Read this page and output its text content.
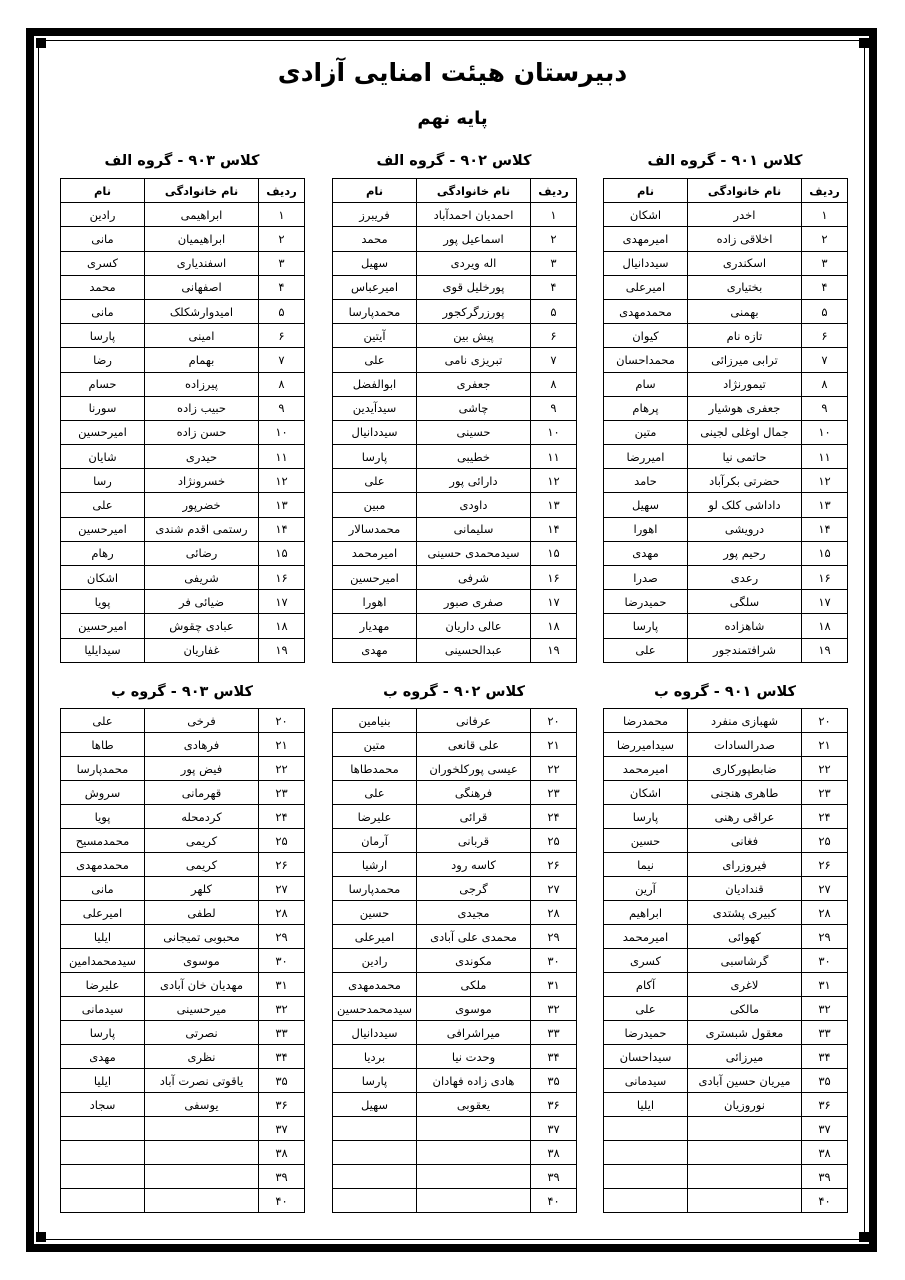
دبیرستان هیئت امنایی آزادی
پایه نهم
کلاس ۹۰۱ - گروه الف
ردیف	نام خانوادگی	نام
۱	اخدر	اشکان
۲	اخلاقی زاده	امیرمهدی
۳	اسکندری	سیددانیال
۴	بختیاری	امیرعلی
۵	بهمنی	محمدمهدی
۶	تازه نام	کیوان
۷	ترابی میرزائی	محمداحسان
۸	تیمورنژاد	سام
۹	جعفری هوشیار	پرهام
۱۰	جمال اوغلی لجینی	متین
۱۱	حاتمی نیا	امیررضا
۱۲	حضرتی بکرآباد	حامد
۱۳	داداشی کلک لو	سهیل
۱۴	درویشی	اهورا
۱۵	رحیم پور	مهدی
۱۶	رعدی	صدرا
۱۷	سلگی	حمیدرضا
۱۸	شاهزاده	پارسا
۱۹	شرافتمندجور	علی
کلاس ۹۰۲ - گروه الف
ردیف	نام خانوادگی	نام
۱	احمدیان احمدآباد	فریبرز
۲	اسماعیل پور	محمد
۳	اله ویردی	سهیل
۴	پورخلیل قوی	امیرعباس
۵	پورزرگرکجور	محمدپارسا
۶	پیش بین	آیتین
۷	تبریزی نامی	علی
۸	جعفری	ابوالفضل
۹	چاشی	سیدآیدین
۱۰	حسینی	سیددانیال
۱۱	خطیبی	پارسا
۱۲	دارائی پور	علی
۱۳	داودی	مبین
۱۴	سلیمانی	محمدسالار
۱۵	سیدمحمدی حسینی	امیرمحمد
۱۶	شرفی	امیرحسین
۱۷	صفری صبور	اهورا
۱۸	عالی داریان	مهدیار
۱۹	عبدالحسینی	مهدی
کلاس ۹۰۳ - گروه الف
ردیف	نام خانوادگی	نام
۱	ابراهیمی	رادین
۲	ابراهیمیان	مانی
۳	اسفندیاری	کسری
۴	اصفهانی	محمد
۵	امیدوارشکلک	مانی
۶	امینی	پارسا
۷	بهمام	رضا
۸	پیرزاده	حسام
۹	حبیب زاده	سورنا
۱۰	حسن زاده	امیرحسین
۱۱	حیدری	شایان
۱۲	خسرونژاد	رسا
۱۳	خضرپور	علی
۱۴	رستمی اقدم شندی	امیرحسین
۱۵	رضائی	رهام
۱۶	شریفی	اشکان
۱۷	ضیائی فر	پویا
۱۸	عبادی چقوش	امیرحسین
۱۹	غفاریان	سیدایلیا
کلاس ۹۰۱ - گروه ب
۲۰	شهبازی منفرد	محمدرضا
۲۱	صدرالسادات	سیدامیررضا
۲۲	ضابطپورکاری	امیرمحمد
۲۳	طاهری هنجنی	اشکان
۲۴	عراقی رهنی	پارسا
۲۵	فغانی	حسین
۲۶	فیروزرای	نیما
۲۷	قندادیان	آرین
۲۸	کبیری پشتدی	ابراهیم
۲۹	کهوائی	امیرمحمد
۳۰	گرشاسبی	کسری
۳۱	لاغری	آکام
۳۲	مالکی	علی
۳۳	معقول شبستری	حمیدرضا
۳۴	میرزائی	سیداحسان
۳۵	میریان حسین آبادی	سیدمانی
۳۶	نوروزیان	ایلیا
۳۷		
۳۸		
۳۹		
۴۰		
کلاس ۹۰۲ - گروه ب
۲۰	عرفانی	بنیامین
۲۱	علی قانعی	متین
۲۲	عیسی پورکلخوران	محمدطاها
۲۳	فرهنگی	علی
۲۴	قرائی	علیرضا
۲۵	قربانی	آرمان
۲۶	کاسه رود	ارشیا
۲۷	گرجی	محمدپارسا
۲۸	مجیدی	حسین
۲۹	محمدی علی آبادی	امیرعلی
۳۰	مکوندی	رادین
۳۱	ملکی	محمدمهدی
۳۲	موسوی	سیدمحمدحسین
۳۳	میراشرافی	سیددانیال
۳۴	وحدت نیا	بردیا
۳۵	هادی زاده فهادان	پارسا
۳۶	یعقوبی	سهیل
۳۷		
۳۸		
۳۹		
۴۰		
کلاس ۹۰۳ - گروه ب
۲۰	فرخی	علی
۲۱	فرهادی	طاها
۲۲	فیض پور	محمدپارسا
۲۳	قهرمانی	سروش
۲۴	کردمحله	پویا
۲۵	کریمی	محمدمسیح
۲۶	کریمی	محمدمهدی
۲۷	کلهر	مانی
۲۸	لطفی	امیرعلی
۲۹	محبوبی تمیجانی	ایلیا
۳۰	موسوی	سیدمحمدامین
۳۱	مهدیان خان آبادی	علیرضا
۳۲	میرحسینی	سیدمانی
۳۳	نصرتی	پارسا
۳۴	نظری	مهدی
۳۵	یاقوتی نصرت آباد	ایلیا
۳۶	یوسفی	سجاد
۳۷		
۳۸		
۳۹		
۴۰		
